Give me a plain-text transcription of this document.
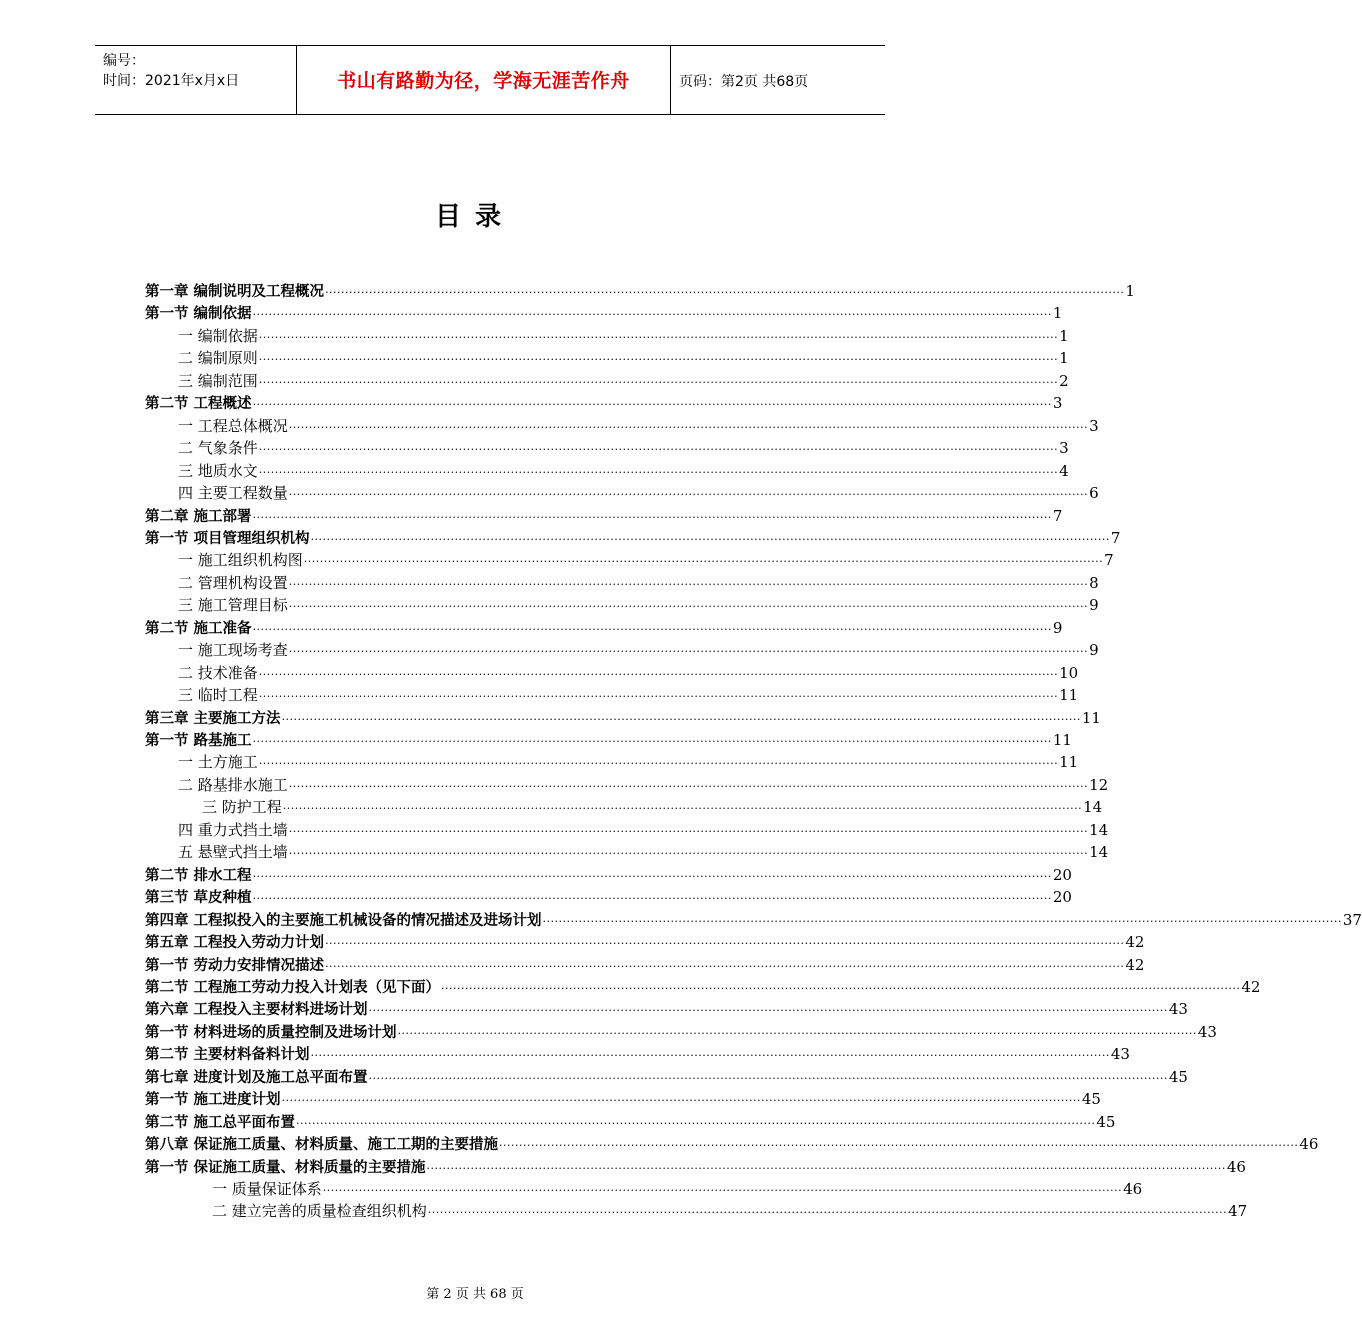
编号：
时间：2021年x月x日	书山有路勤为径，学海无涯苦作舟	页码：第2页 共68页
目录
第一章 编制说明及工程概况 ········································································································································································································ 1
第一节 编制依据 ········································································································································································································ 1
一 编制依据 ········································································································································································································ 1
二 编制原则 ········································································································································································································ 1
三 编制范围 ········································································································································································································ 2
第二节 工程概述 ········································································································································································································ 3
一 工程总体概况 ········································································································································································································ 3
二 气象条件 ········································································································································································································ 3
三 地质水文 ········································································································································································································ 4
四 主要工程数量 ········································································································································································································ 6
第二章 施工部署 ········································································································································································································ 7
第一节 项目管理组织机构 ········································································································································································································ 7
一 施工组织机构图 ········································································································································································································ 7
二 管理机构设置 ········································································································································································································ 8
三 施工管理目标 ········································································································································································································ 9
第二节 施工准备 ········································································································································································································ 9
一 施工现场考查 ········································································································································································································ 9
二 技术准备 ········································································································································································································ 10
三 临时工程 ········································································································································································································ 11
第三章 主要施工方法 ········································································································································································································ 11
第一节 路基施工 ········································································································································································································ 11
一 土方施工 ········································································································································································································ 11
二 路基排水施工 ········································································································································································································ 12
三 防护工程 ········································································································································································································ 14
四 重力式挡土墙 ········································································································································································································ 14
五 悬壁式挡土墙 ········································································································································································································ 14
第二节 排水工程 ········································································································································································································ 20
第三节 草皮种植 ········································································································································································································ 20
第四章 工程拟投入的主要施工机械设备的情况描述及进场计划 ········································································································································································································ 37
第五章 工程投入劳动力计划 ········································································································································································································ 42
第一节 劳动力安排情况描述 ········································································································································································································ 42
第二节 工程施工劳动力投入计划表（见下面） ········································································································································································································ 42
第六章 工程投入主要材料进场计划 ········································································································································································································ 43
第一节 材料进场的质量控制及进场计划 ········································································································································································································ 43
第二节 主要材料备料计划 ········································································································································································································ 43
第七章 进度计划及施工总平面布置 ········································································································································································································ 45
第一节 施工进度计划 ········································································································································································································ 45
第二节 施工总平面布置 ········································································································································································································ 45
第八章 保证施工质量、材料质量、施工工期的主要措施 ········································································································································································································ 46
第一节 保证施工质量、材料质量的主要措施 ········································································································································································································ 46
一 质量保证体系 ········································································································································································································ 46
二 建立完善的质量检查组织机构 ········································································································································································································ 47
第 2 页 共 68 页
